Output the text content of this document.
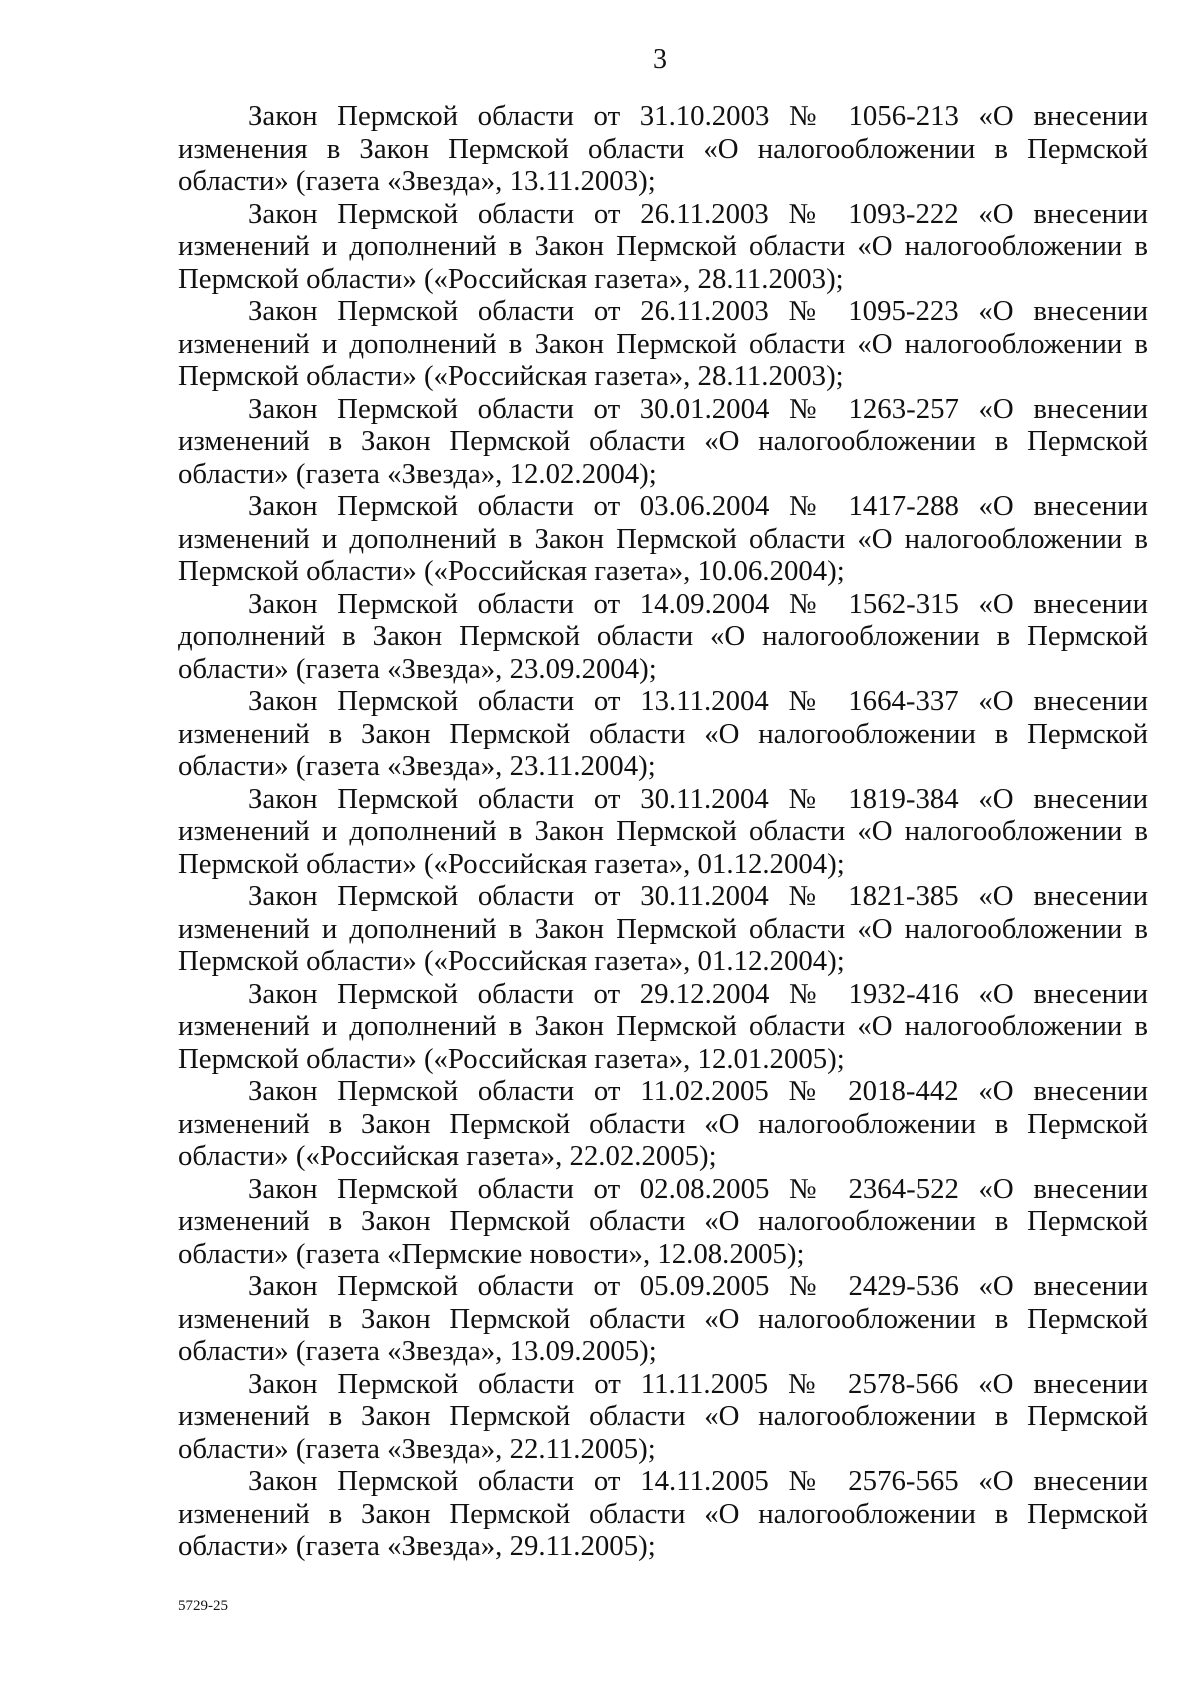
3

Закон Пермской области от 31.10.2003 № 1056-213 «О внесении изменения в Закон Пермской области «О налогообложении в Пермской области» (газета «Звезда», 13.11.2003);

Закон Пермской области от 26.11.2003 № 1093-222 «О внесении изменений и дополнений в Закон Пермской области «О налогообложении в Пермской области» («Российская газета», 28.11.2003);

Закон Пермской области от 26.11.2003 № 1095-223 «О внесении изменений и дополнений в Закон Пермской области «О налогообложении в Пермской области» («Российская газета», 28.11.2003);

Закон Пермской области от 30.01.2004 № 1263-257 «О внесении изменений в Закон Пермской области «О налогообложении в Пермской области» (газета «Звезда», 12.02.2004);

Закон Пермской области от 03.06.2004 № 1417-288 «О внесении изменений и дополнений в Закон Пермской области «О налогообложении в Пермской области» («Российская газета», 10.06.2004);

Закон Пермской области от 14.09.2004 № 1562-315 «О внесении дополнений в Закон Пермской области «О налогообложении в Пермской области» (газета «Звезда», 23.09.2004);

Закон Пермской области от 13.11.2004 № 1664-337 «О внесении изменений в Закон Пермской области «О налогообложении в Пермской области» (газета «Звезда», 23.11.2004);

Закон Пермской области от 30.11.2004 № 1819-384 «О внесении изменений и дополнений в Закон Пермской области «О налогообложении в Пермской области» («Российская газета», 01.12.2004);

Закон Пермской области от 30.11.2004 № 1821-385 «О внесении изменений и дополнений в Закон Пермской области «О налогообложении в Пермской области» («Российская газета», 01.12.2004);

Закон Пермской области от 29.12.2004 № 1932-416 «О внесении изменений и дополнений в Закон Пермской области «О налогообложении в Пермской области» («Российская газета», 12.01.2005);

Закон Пермской области от 11.02.2005 № 2018-442 «О внесении изменений в Закон Пермской области «О налогообложении в Пермской области» («Российская газета», 22.02.2005);

Закон Пермской области от 02.08.2005 № 2364-522 «О внесении изменений в Закон Пермской области «О налогообложении в Пермской области» (газета «Пермские новости», 12.08.2005);

Закон Пермской области от 05.09.2005 № 2429-536 «О внесении изменений в Закон Пермской области «О налогообложении в Пермской области» (газета «Звезда», 13.09.2005);

Закон Пермской области от 11.11.2005 № 2578-566 «О внесении изменений в Закон Пермской области «О налогообложении в Пермской области» (газета «Звезда», 22.11.2005);

Закон Пермской области от 14.11.2005 № 2576-565 «О внесении изменений в Закон Пермской области «О налогообложении в Пермской области» (газета «Звезда», 29.11.2005);

5729-25
